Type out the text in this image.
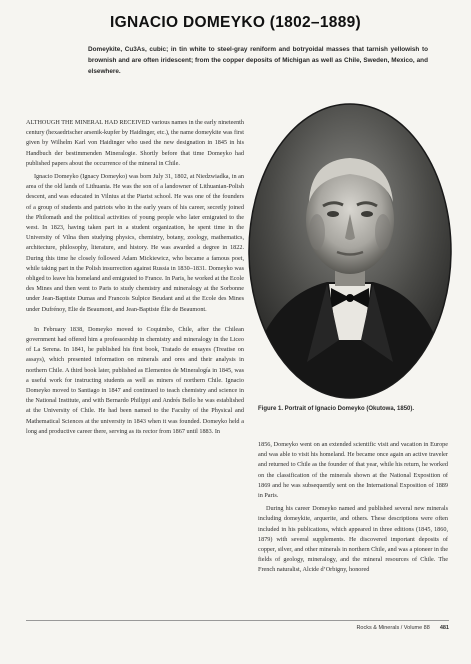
IGNACIO DOMEYKO (1802–1889)
Domeykite, Cu3As, cubic; in tin white to steel-gray reniform and botryoidal masses that tarnish yellowish to brownish and are often iridescent; from the copper deposits of Michigan as well as Chile, Sweden, Mexico, and elsewhere.

ALTHOUGH THE MINERAL HAD RECEIVED various names in the early nineteenth century (hexaedrischer arsenik-kupfer by Haidinger, etc.), the name domeykite was first given by Wilhelm Karl von Haidinger who used the new designation in 1845 in his Handbuch der bestimmenden Mineralogie. Shortly before that time Domeyko had published papers about the occurrence of the mineral in Chile.

Ignacio Domeyko (Ignacy Domeyko) was born July 31, 1802, at Niedzwiadka, in an area of the old lands of Lithuania. He was the son of a landowner of Lithuanian-Polish descent, and was educated in Vilnius at the Piarist school. He was one of the founders of a group of students and patriots who in the early years of his career, secretly joined the Philomath and the political activities of young people who later emigrated to the west. In 1823, having taken part in a student organization, he spent time in the University of Vilna then studying physics, chemistry, botany, zoology, mathematics, architecture, philosophy, literature, and history. He was awarded a degree in 1822. During this time he closely followed Adam Mickiewicz, who became a famous poet, while taking part in the Polish insurrection against Russia in 1830–1831. Domeyko was obliged to leave his homeland and emigrated to France. In Paris, he worked at the Ecole des Mines and then went to Paris to study chemistry and mineralogy at the Sorbonne under Jean-Baptiste Dumas and Francois Sulpice Beudant and at the Ecole des Mines under Dufrénoy, Elie de Beaumont, and Jean-Baptiste Élie de Beaumont.

In February 1838, Domeyko moved to Coquimbo, Chile, after the Chilean government had offered him a professorship in chemistry and mineralogy in the Liceo of La Serena. In 1841, he published his first book, Tratado de ensayes (Treatise on assays), which presented information on minerals and ores and their analysis in northern Chile. A third book later, published as Elementos de Mineralogía in 1845, was a useful work for instructing students as well as miners of northern Chile. Ignacio Domeyko moved to Santiago in 1847 and continued to teach chemistry and science in the National Institute, and with Bernardo Philippi and Andrés Bello he was established at the University of Chile. He had been named to the Faculty of the Physical and Mathematical Sciences at the university in 1843 when it was founded. Domeyko held a long and productive career there, serving as its rector from 1867 until 1883. In

Figure 1. Portrait of Ignacio Domeyko (Okutowa, 1850).

1856, Domeyko went on an extended scientific visit and vacation in Europe and was able to visit his homeland. He became once again an active traveler and returned to Chile as the founder of that year, while his return, he worked on the classification of the minerals shown at the National Exposition of 1869 and he was subsequently sent on the International Exposition of 1889 in Paris.

During his career Domeyko named and published several new minerals including domeykite, arquerite, and others. These descriptions were often included in his publications, which appeared in three editions (1845, 1860, 1879) with several supplements. He discovered important deposits of copper, silver, and other minerals in northern Chile, and was a pioneer in the fields of geology, mineralogy, and the mineral resources of Chile. The French naturalist, Alcide d’Orbigny, honored

Rocks & Minerals / Volume 88 481
